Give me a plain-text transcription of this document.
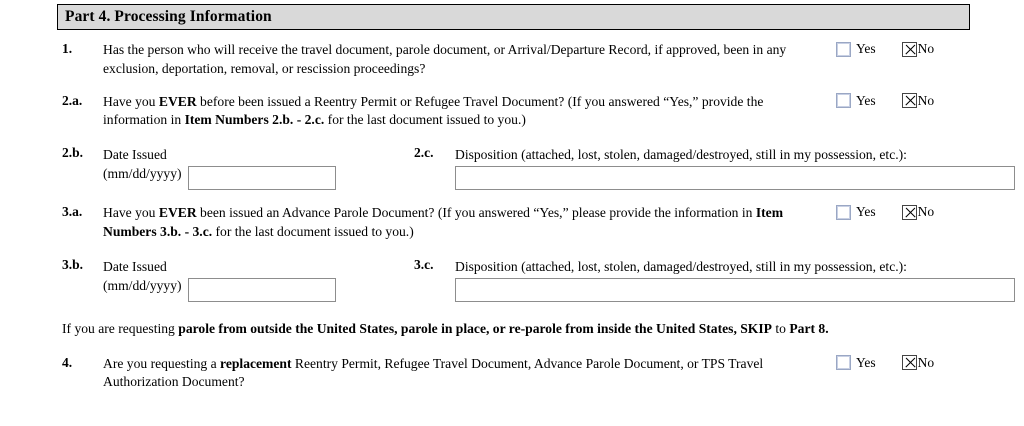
Part 4. Processing Information
1.	Has the person who will receive the travel document, parole document, or Arrival/Departure Record, if approved, been in any exclusion, deportation, removal, or rescission proceedings?
Yes	No
2.a.	Have you EVER before been issued a Reentry Permit or Refugee Travel Document? (If you answered “Yes,” provide the information in Item Numbers 2.b. - 2.c. for the last document issued to you.)
Yes	No
2.b.	Date Issued
(mm/dd/yyyy)
2.c.	Disposition (attached, lost, stolen, damaged/destroyed, still in my possession, etc.):
3.a.	Have you EVER been issued an Advance Parole Document? (If you answered “Yes,” please provide the information in Item Numbers 3.b. - 3.c. for the last document issued to you.)
Yes	No
3.b.	Date Issued
(mm/dd/yyyy)
3.c.	Disposition (attached, lost, stolen, damaged/destroyed, still in my possession, etc.):
If you are requesting parole from outside the United States, parole in place, or re-parole from inside the United States, SKIP to Part 8.
4.	Are you requesting a replacement Reentry Permit, Refugee Travel Document, Advance Parole Document, or TPS Travel Authorization Document?
Yes	No
